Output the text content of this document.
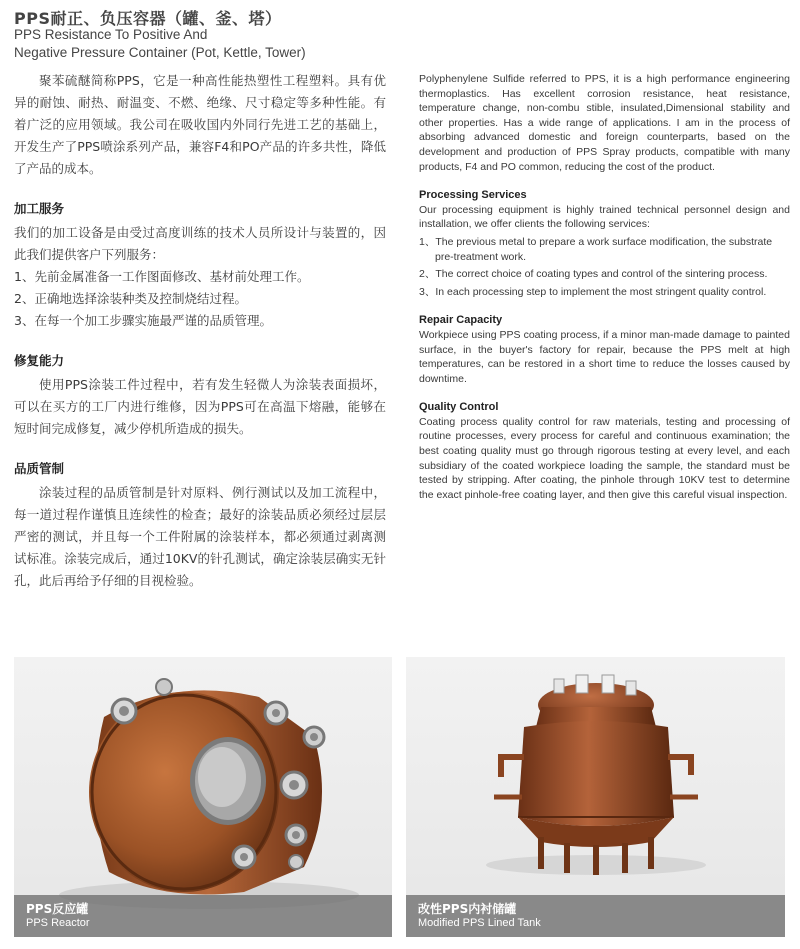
PPS耐正、负压容器（罐、釜、塔）
PPS Resistance To Positive And
Negative Pressure Container (Pot, Kettle, Tower)

聚苯硫醚简称PPS，它是一种高性能热塑性工程塑料。具有优异的耐蚀、耐热、耐温变、不燃、绝缘、尺寸稳定等多种性能。有着广泛的应用领域。我公司在吸收国内外同行先进工艺的基础上，开发生产了PPS喷涂系列产品，兼容F4和PO产品的许多共性，降低了产品的成本。

加工服务

我们的加工设备是由受过高度训练的技术人员所设计与装置的，因此我们提供客户下列服务：

1、先前金属准备一工作图面修改、基材前处理工作。
2、正确地选择涂装种类及控制烧结过程。
3、在每一个加工步骤实施最严谨的品质管理。
修复能力

使用PPS涂装工件过程中，若有发生轻微人为涂装表面损坏，可以在买方的工厂内进行维修，因为PPS可在高温下熔融，能够在短时间完成修复，减少停机所造成的损失。

品质管制

涂装过程的品质管制是针对原料、例行测试以及加工流程中，每一道过程作谨慎且连续性的检查；最好的涂装品质必须经过层层严密的测试，并且每一个工件附属的涂装样本，都必须通过剥离测试标准。涂装完成后，通过10KV的针孔测试，确定涂装层确实无针孔，此后再给予仔细的目视检验。

Polyphenylene Sulfide referred to PPS, it is a high performance engineering thermoplastics. Has excellent corrosion resistance, heat resistance, temperature change, non-combu stible, insulated,Dimensional stability and other properties. Has a wide range of applications. I am in the process of absorbing advanced domestic and foreign counterparts, based on the development and production of PPS Spray products, compatible with many products, F4 and PO common, reducing the cost of the product.

Processing Services

Our processing equipment is highly trained technical personnel design and installation, we offer clients the following services:

1、The previous metal to prepare a work surface modification, the substrate pre-treatment work.
2、The correct choice of coating types and control of the sintering process.
3、In each processing step to implement the most stringent quality control.
Repair Capacity

Workpiece using PPS coating process, if a minor man-made damage to painted surface, in the buyer's factory for repair, because the PPS melt at high temperatures, can be restored in a short time to reduce the losses caused by downtime.

Quality Control

Coating process quality control for raw materials, testing and processing of routine processes, every process for careful and continuous examination; the best coating quality must go through rigorous testing at every level, and each subsidiary of the coated workpiece loading the sample, the standard must be tested by stripping. After coating, the pinhole through 10KV test to determine the exact pinhole-free coating layer, and then give this careful visual inspection.

PPS反应罐
PPS Reactor
改性PPS内衬储罐
Modified PPS Lined Tank
